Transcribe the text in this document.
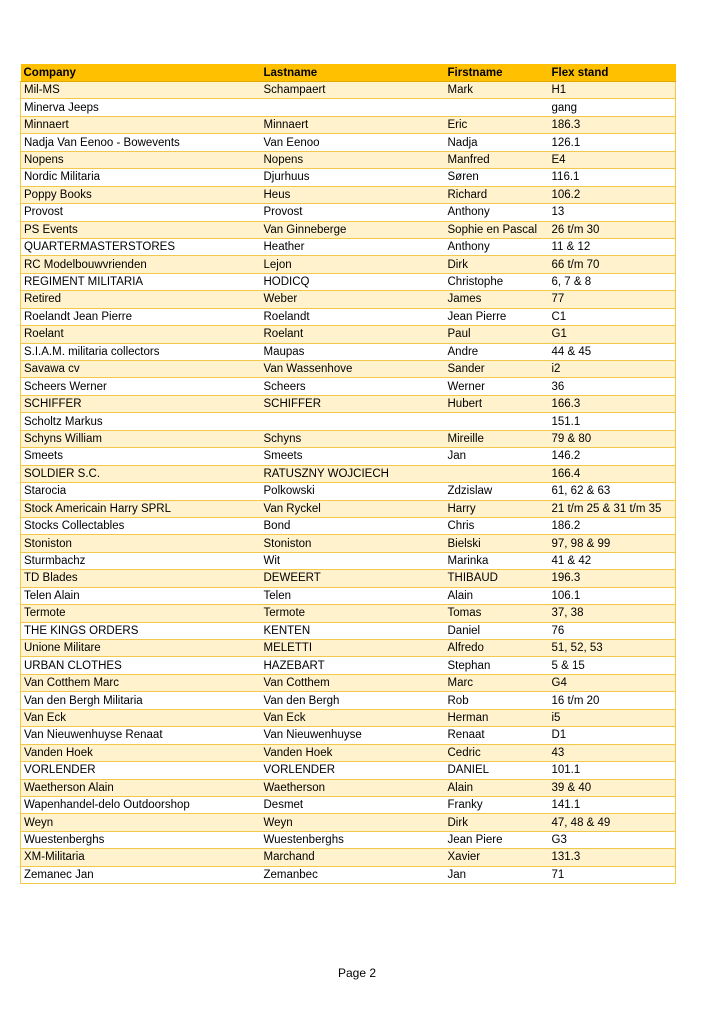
Company	Lastname	Firstname	Flex stand
Mil-MS	Schampaert	Mark	H1
Minerva Jeeps			gang
Minnaert	Minnaert	Eric	186.3
Nadja Van Eenoo - Bowevents	Van Eenoo	Nadja	126.1
Nopens	Nopens	Manfred	E4
Nordic Militaria	Djurhuus	Søren	116.1
Poppy Books	Heus	Richard	106.2
Provost	Provost	Anthony	13
PS Events	Van Ginneberge	Sophie en Pascal	26 t/m 30
QUARTERMASTERSTORES	Heather	Anthony	11 & 12
RC Modelbouwvrienden	Lejon	Dirk	66 t/m 70
REGIMENT MILITARIA	HODICQ	Christophe	6, 7 & 8
Retired	Weber	James	77
Roelandt Jean Pierre	Roelandt	Jean Pierre	C1
Roelant	Roelant	Paul	G1
S.I.A.M. militaria collectors	Maupas	Andre	44 & 45
Savawa cv	Van Wassenhove	Sander	i2
Scheers Werner	Scheers	Werner	36
SCHIFFER	SCHIFFER	Hubert	166.3
Scholtz Markus			151.1
Schyns William	Schyns	Mireille	79 & 80
Smeets	Smeets	Jan	146.2
SOLDIER S.C.	RATUSZNY WOJCIECH		166.4
Starocia	Polkowski	Zdzislaw	61, 62 & 63
Stock Americain Harry SPRL	Van Ryckel	Harry	21 t/m 25 & 31 t/m 35
Stocks Collectables	Bond	Chris	186.2
Stoniston	Stoniston	Bielski	97, 98 & 99
Sturmbachz	Wit	Marinka	41 & 42
TD Blades	DEWEERT	THIBAUD	196.3
Telen Alain	Telen	Alain	106.1
Termote	Termote	Tomas	37, 38
THE KINGS ORDERS	KENTEN	Daniel	76
Unione Militare	MELETTI	Alfredo	51, 52, 53
URBAN CLOTHES	HAZEBART	Stephan	5 & 15
Van Cotthem Marc	Van Cotthem	Marc	G4
Van den Bergh Militaria	Van den Bergh	Rob	16 t/m 20
Van Eck	Van Eck	Herman	i5
Van Nieuwenhuyse Renaat	Van Nieuwenhuyse	Renaat	D1
Vanden Hoek	Vanden Hoek	Cedric	43
VORLENDER	VORLENDER	DANIEL	101.1
Waetherson Alain	Waetherson	Alain	39 & 40
Wapenhandel-delo Outdoorshop	Desmet	Franky	141.1
Weyn	Weyn	Dirk	47, 48 & 49
Wuestenberghs	Wuestenberghs	Jean Piere	G3
XM-Militaria	Marchand	Xavier	131.3
Zemanec Jan	Zemanbec	Jan	71
Page 2
